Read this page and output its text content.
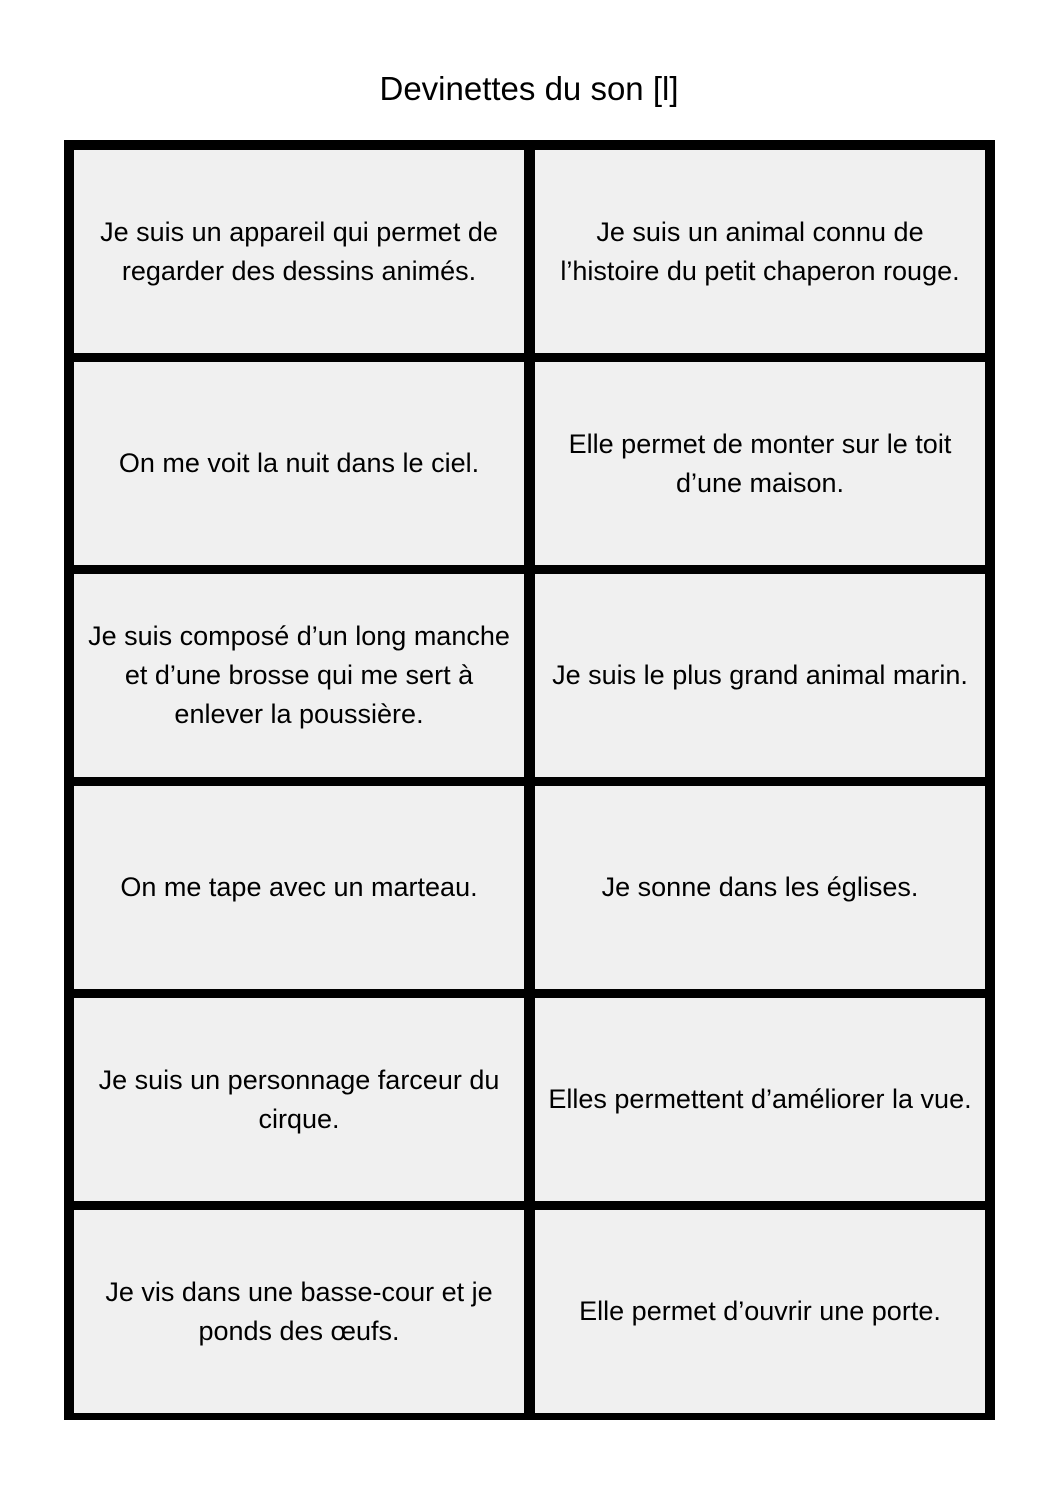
Devinettes du son [l]

Je suis un appareil qui permet de regarder des dessins animés.

Je suis un animal connu de l’histoire du petit chaperon rouge.

On me voit la nuit dans le ciel.

Elle permet de monter sur le toit d’une maison.

Je suis composé d’un long manche et d’une brosse qui me sert à enlever la poussière.

Je suis le plus grand animal marin.

On me tape avec un marteau.	Je sonne dans les églises.

Je suis un personnage farceur du cirque.

Elles permettent d’améliorer la vue.

Je vis dans une basse-cour et je ponds des œufs.

Elle permet d’ouvrir une porte.
